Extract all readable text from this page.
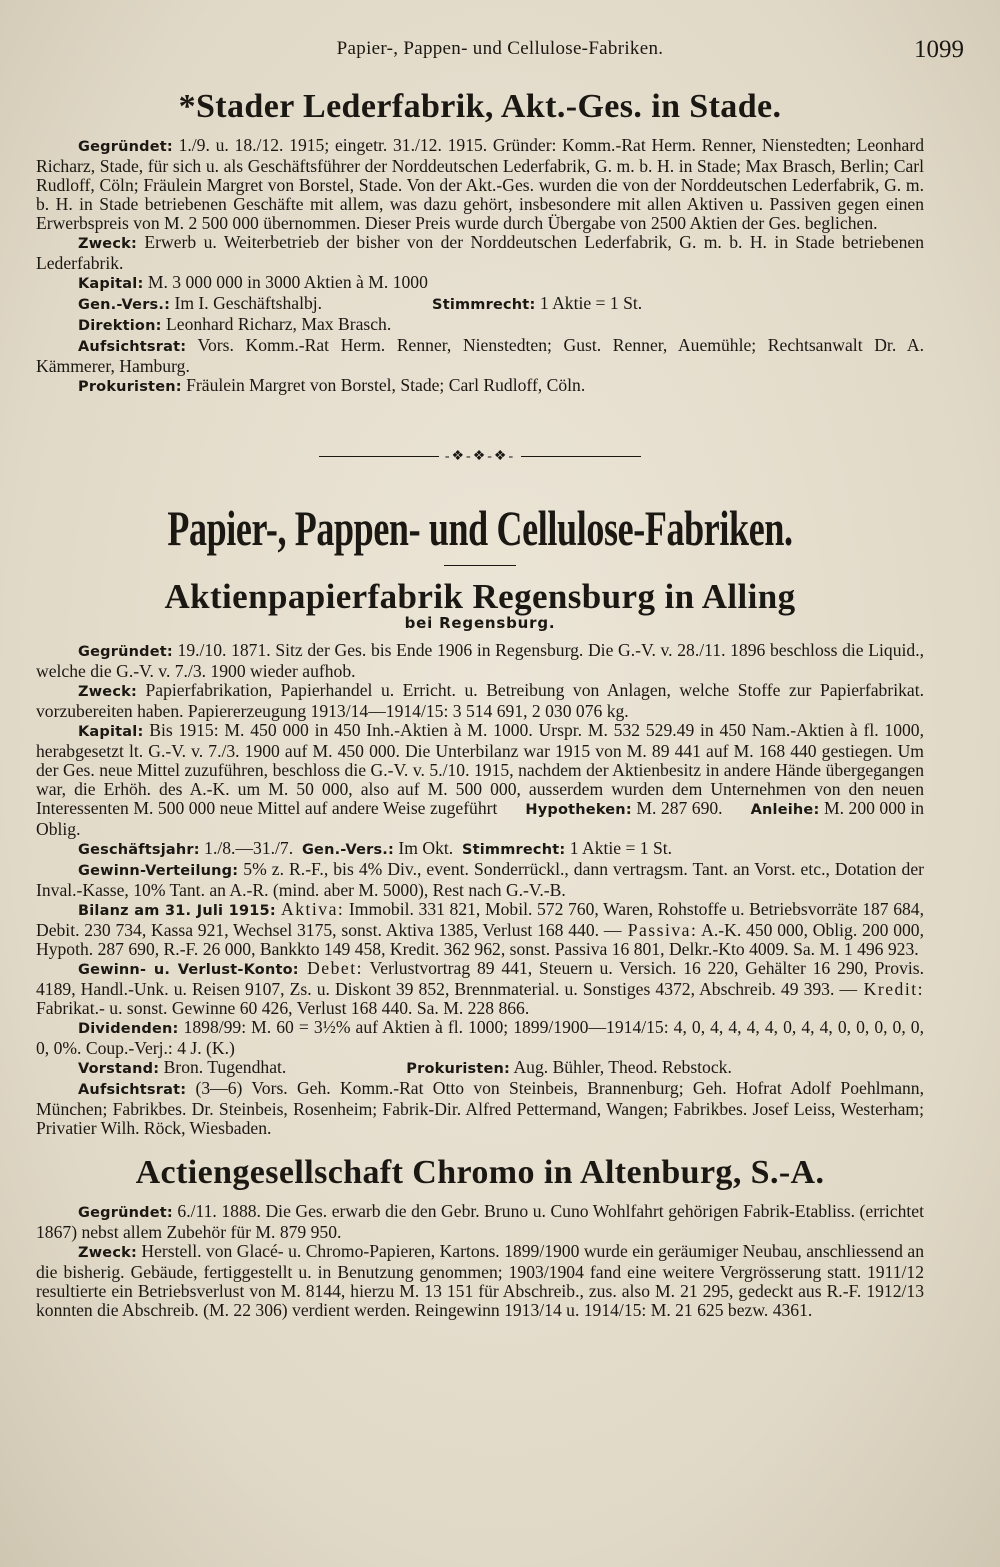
Papier-, Pappen- und Cellulose-Fabriken.	1099
*Stader Lederfabrik, Akt.-Ges. in Stade.

Gegründet: 1./9. u. 18./12. 1915; eingetr. 31./12. 1915. Gründer: Komm.-Rat Herm. Renner, Nienstedten; Leonhard Richarz, Stade, für sich u. als Geschäftsführer der Norddeutschen Lederfabrik, G. m. b. H. in Stade; Max Brasch, Berlin; Carl Rudloff, Cöln; Fräulein Margret von Borstel, Stade. Von der Akt.-Ges. wurden die von der Norddeutschen Lederfabrik, G. m. b. H. in Stade betriebenen Geschäfte mit allem, was dazu gehört, insbesondere mit allen Aktiven u. Passiven gegen einen Erwerbspreis von M. 2 500 000 übernommen. Dieser Preis wurde durch Übergabe von 2500 Aktien der Ges. beglichen.

Zweck: Erwerb u. Weiterbetrieb der bisher von der Norddeutschen Lederfabrik, G. m. b. H. in Stade betriebenen Lederfabrik.

Kapital: M. 3 000 000 in 3000 Aktien à M. 1000

Gen.-Vers.: Im I. Geschäftshalbj.	Stimmrecht: 1 Aktie = 1 St.

Direktion: Leonhard Richarz, Max Brasch.

Aufsichtsrat: Vors. Komm.-Rat Herm. Renner, Nienstedten; Gust. Renner, Auemühle; Rechtsanwalt Dr. A. Kämmerer, Hamburg.

Prokuristen: Fräulein Margret von Borstel, Stade; Carl Rudloff, Cöln.

-❖-❖-❖-
Papier-, Pappen- und Cellulose-Fabriken.
Aktienpapierfabrik Regensburg in Alling
bei Regensburg.

Gegründet: 19./10. 1871. Sitz der Ges. bis Ende 1906 in Regensburg. Die G.-V. v. 28./11. 1896 beschloss die Liquid., welche die G.-V. v. 7./3. 1900 wieder aufhob.

Zweck: Papierfabrikation, Papierhandel u. Erricht. u. Betreibung von Anlagen, welche Stoffe zur Papierfabrikat. vorzubereiten haben. Papiererzeugung 1913/14—1914/15: 3 514 691, 2 030 076 kg.

Kapital: Bis 1915: M. 450 000 in 450 Inh.-Aktien à M. 1000. Urspr. M. 532 529.49 in 450 Nam.-Aktien à fl. 1000, herabgesetzt lt. G.-V. v. 7./3. 1900 auf M. 450 000. Die Unterbilanz war 1915 von M. 89 441 auf M. 168 440 gestiegen. Um der Ges. neue Mittel zuzuführen, beschloss die G.-V. v. 5./10. 1915, nachdem der Aktienbesitz in andere Hände übergegangen war, die Erhöh. des A.-K. um M. 50 000, also auf M. 500 000, ausserdem wurden dem Unternehmen von den neuen Interessenten M. 500 000 neue Mittel auf andere Weise zugeführt Hypotheken: M. 287 690. Anleihe: M. 200 000 in Oblig.

Geschäftsjahr: 1./8.—31./7. Gen.-Vers.: Im Okt. Stimmrecht: 1 Aktie = 1 St.

Gewinn-Verteilung: 5% z. R.-F., bis 4% Div., event. Sonderrückl., dann vertragsm. Tant. an Vorst. etc., Dotation der Inval.-Kasse, 10% Tant. an A.-R. (mind. aber M. 5000), Rest nach G.-V.-B.

Bilanz am 31. Juli 1915: Aktiva: Immobil. 331 821, Mobil. 572 760, Waren, Rohstoffe u. Betriebsvorräte 187 684, Debit. 230 734, Kassa 921, Wechsel 3175, sonst. Aktiva 1385, Verlust 168 440. — Passiva: A.-K. 450 000, Oblig. 200 000, Hypoth. 287 690, R.-F. 26 000, Bankkto 149 458, Kredit. 362 962, sonst. Passiva 16 801, Delkr.-Kto 4009. Sa. M. 1 496 923.

Gewinn- u. Verlust-Konto: Debet: Verlustvortrag 89 441, Steuern u. Versich. 16 220, Gehälter 16 290, Provis. 4189, Handl.-Unk. u. Reisen 9107, Zs. u. Diskont 39 852, Brennmaterial. u. Sonstiges 4372, Abschreib. 49 393. — Kredit: Fabrikat.- u. sonst. Gewinne 60 426, Verlust 168 440. Sa. M. 228 866.

Dividenden: 1898/99: M. 60 = 3½% auf Aktien à fl. 1000; 1899/1900—1914/15: 4, 0, 4, 4, 4, 4, 0, 4, 4, 0, 0, 0, 0, 0, 0, 0%. Coup.-Verj.: 4 J. (K.)

Vorstand: Bron. Tugendhat.	Prokuristen: Aug. Bühler, Theod. Rebstock.

Aufsichtsrat: (3—6) Vors. Geh. Komm.-Rat Otto von Steinbeis, Brannenburg; Geh. Hofrat Adolf Poehlmann, München; Fabrikbes. Dr. Steinbeis, Rosenheim; Fabrik-Dir. Alfred Pettermand, Wangen; Fabrikbes. Josef Leiss, Westerham; Privatier Wilh. Röck, Wiesbaden.

Actiengesellschaft Chromo in Altenburg, S.-A.

Gegründet: 6./11. 1888. Die Ges. erwarb die den Gebr. Bruno u. Cuno Wohlfahrt gehörigen Fabrik-Etabliss. (errichtet 1867) nebst allem Zubehör für M. 879 950.

Zweck: Herstell. von Glacé- u. Chromo-Papieren, Kartons. 1899/1900 wurde ein geräumiger Neubau, anschliessend an die bisherig. Gebäude, fertiggestellt u. in Benutzung genommen; 1903/1904 fand eine weitere Vergrösserung statt. 1911/12 resultierte ein Betriebsverlust von M. 8144, hierzu M. 13 151 für Abschreib., zus. also M. 21 295, gedeckt aus R.-F. 1912/13 konnten die Abschreib. (M. 22 306) verdient werden. Reingewinn 1913/14 u. 1914/15: M. 21 625 bezw. 4361.
